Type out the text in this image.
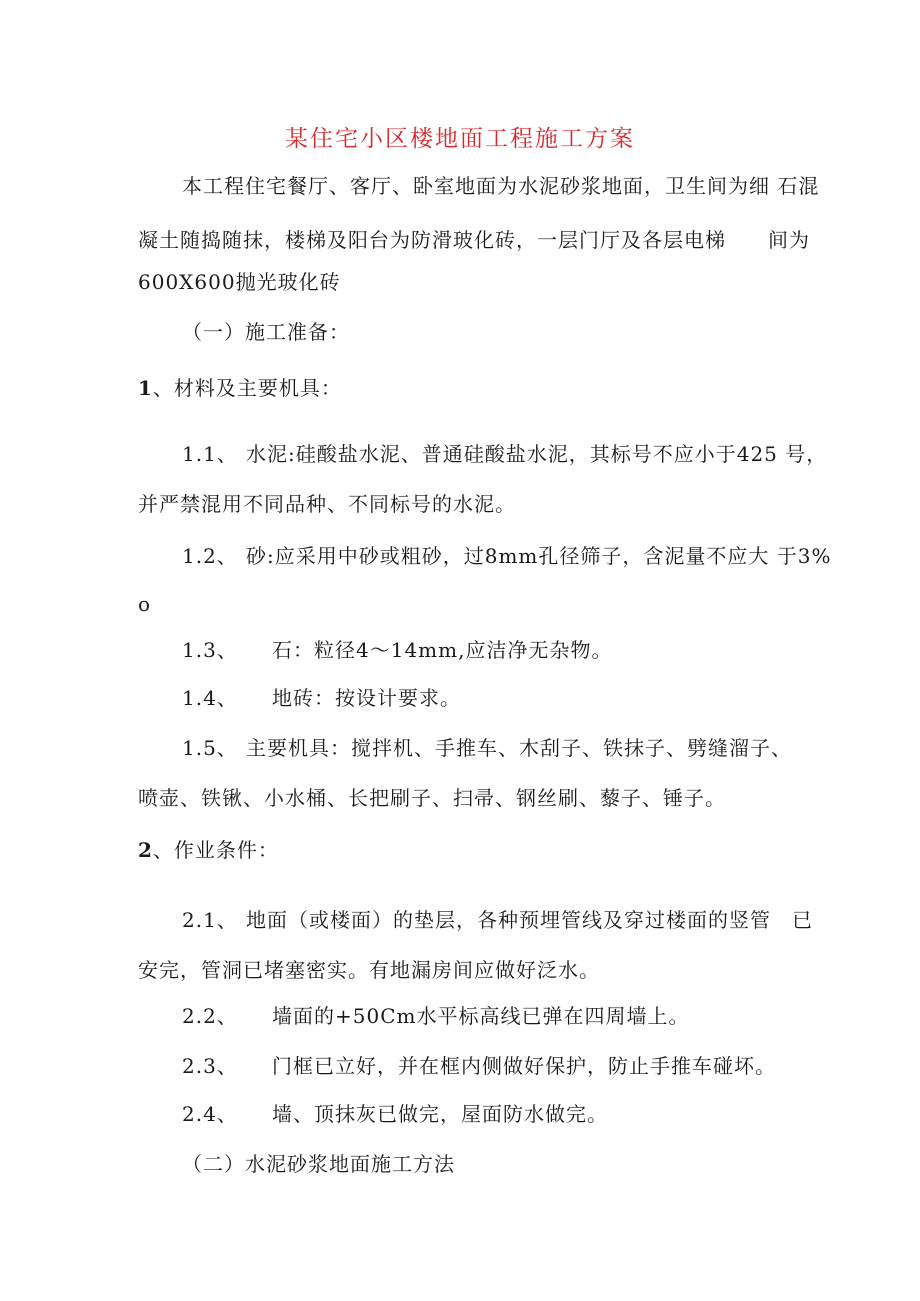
某住宅小区楼地面工程施工方案
本工程住宅餐厅、客厅、卧室地面为水泥砂浆地面，卫生间为细 石混
凝土随捣随抹，楼梯及阳台为防滑玻化砖，一层门厅及各层电梯　　间为
600X600抛光玻化砖
（一）施工准备：
1、材料及主要机具：
1.1、 水泥:硅酸盐水泥、普通硅酸盐水泥，其标号不应小于425 号，
并严禁混用不同品种、不同标号的水泥。
1.2、 砂:应采用中砂或粗砂，过8mm孔径筛子，含泥量不应大 于3%
o
1.3、 石：粒径4～14mm,应洁净无杂物。
1.4、 地砖：按设计要求。
1.5、 主要机具：搅拌机、手推车、木刮子、铁抹子、劈缝溜子、
喷壶、铁锹、小水桶、长把刷子、扫帚、钢丝刷、藜子、锤子。
2、作业条件：
2.1、 地面（或楼面）的垫层，各种预埋管线及穿过楼面的竖管　已
安完，管洞已堵塞密实。有地漏房间应做好泛水。
2.2、 墙面的+50Cm水平标高线已弹在四周墙上。
2.3、 门框已立好，并在框内侧做好保护，防止手推车碰坏。
2.4、 墙、顶抹灰已做完，屋面防水做完。
（二）水泥砂浆地面施工方法
